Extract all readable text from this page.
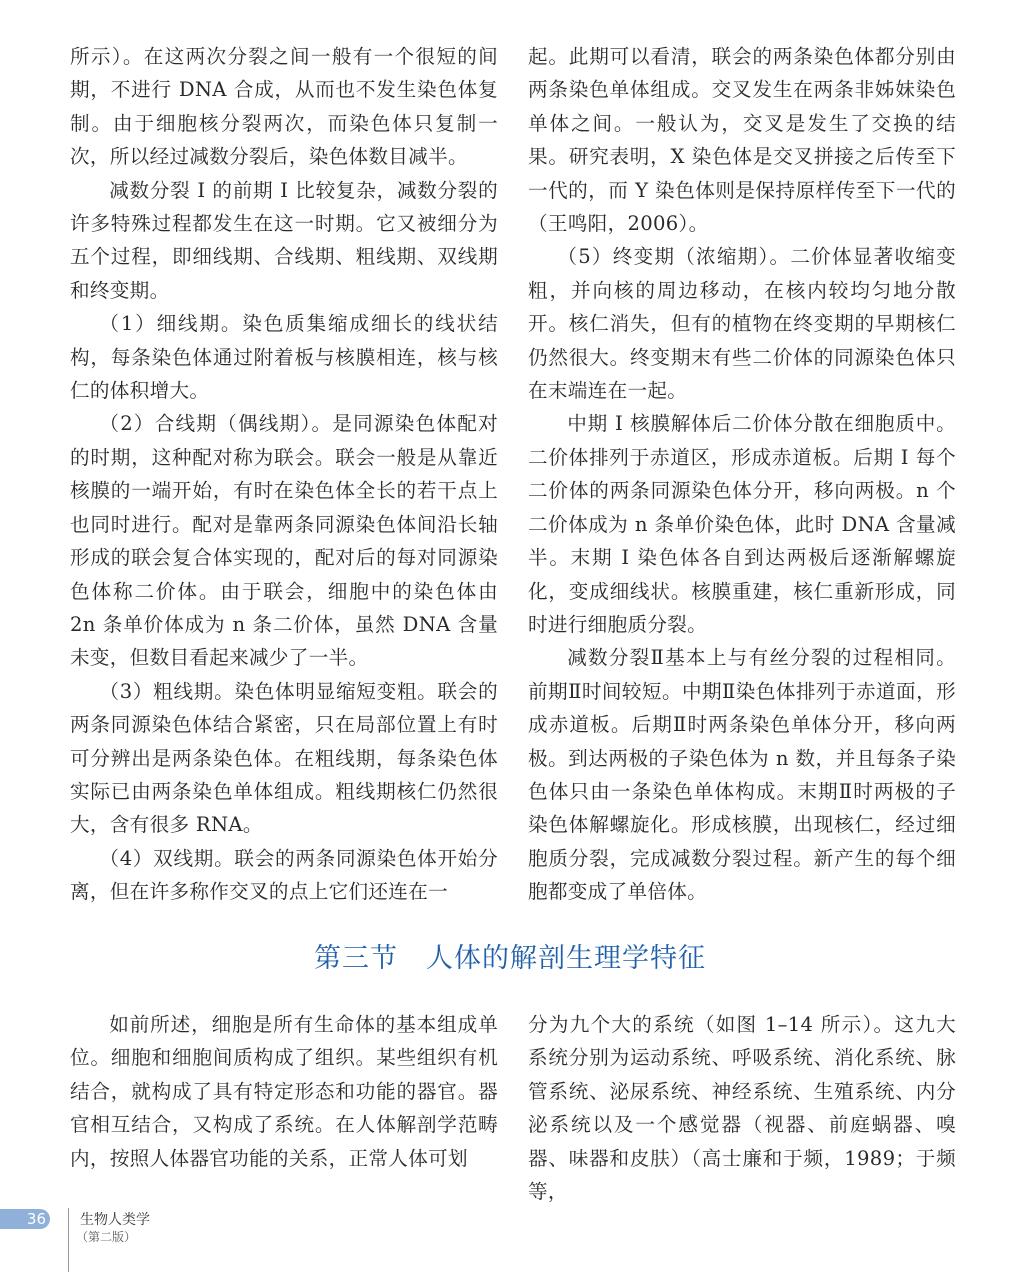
所示）。在这两次分裂之间一般有一个很短的间期，不进行 DNA 合成，从而也不发生染色体复制。由于细胞核分裂两次，而染色体只复制一次，所以经过减数分裂后，染色体数目减半。

减数分裂 I 的前期 I 比较复杂，减数分裂的许多特殊过程都发生在这一时期。它又被细分为五个过程，即细线期、合线期、粗线期、双线期和终变期。

（1）细线期。染色质集缩成细长的线状结构，每条染色体通过附着板与核膜相连，核与核仁的体积增大。

（2）合线期（偶线期）。是同源染色体配对的时期，这种配对称为联会。联会一般是从靠近核膜的一端开始，有时在染色体全长的若干点上也同时进行。配对是靠两条同源染色体间沿长轴形成的联会复合体实现的，配对后的每对同源染色体称二价体。由于联会，细胞中的染色体由 2n 条单价体成为 n 条二价体，虽然 DNA 含量未变，但数目看起来减少了一半。

（3）粗线期。染色体明显缩短变粗。联会的两条同源染色体结合紧密，只在局部位置上有时可分辨出是两条染色体。在粗线期，每条染色体实际已由两条染色单体组成。粗线期核仁仍然很大，含有很多 RNA。

（4）双线期。联会的两条同源染色体开始分离，但在许多称作交叉的点上它们还连在一

起。此期可以看清，联会的两条染色体都分别由两条染色单体组成。交叉发生在两条非姊妹染色单体之间。一般认为，交叉是发生了交换的结果。研究表明，X 染色体是交叉拼接之后传至下一代的，而 Y 染色体则是保持原样传至下一代的（王鸣阳，2006）。

（5）终变期（浓缩期）。二价体显著收缩变粗，并向核的周边移动，在核内较均匀地分散开。核仁消失，但有的植物在终变期的早期核仁仍然很大。终变期末有些二价体的同源染色体只在末端连在一起。

中期 I 核膜解体后二价体分散在细胞质中。二价体排列于赤道区，形成赤道板。后期 I 每个二价体的两条同源染色体分开，移向两极。n 个二价体成为 n 条单价染色体，此时 DNA 含量减半。末期 I 染色体各自到达两极后逐渐解螺旋化，变成细线状。核膜重建，核仁重新形成，同时进行细胞质分裂。

减数分裂Ⅱ基本上与有丝分裂的过程相同。前期Ⅱ时间较短。中期Ⅱ染色体排列于赤道面，形成赤道板。后期Ⅱ时两条染色单体分开，移向两极。到达两极的子染色体为 n 数，并且每条子染色体只由一条染色单体构成。末期Ⅱ时两极的子染色体解螺旋化。形成核膜，出现核仁，经过细胞质分裂，完成减数分裂过程。新产生的每个细胞都变成了单倍体。

第三节　人体的解剖生理学特征

如前所述，细胞是所有生命体的基本组成单位。细胞和细胞间质构成了组织。某些组织有机结合，就构成了具有特定形态和功能的器官。器官相互结合，又构成了系统。在人体解剖学范畴内，按照人体器官功能的关系，正常人体可划

分为九个大的系统（如图 1–14 所示）。这九大系统分别为运动系统、呼吸系统、消化系统、脉管系统、泌尿系统、神经系统、生殖系统、内分泌系统以及一个感觉器（视器、前庭蜗器、嗅器、味器和皮肤）（高士廉和于频，1989；于频等，

36 生物人类学
（第二版）
